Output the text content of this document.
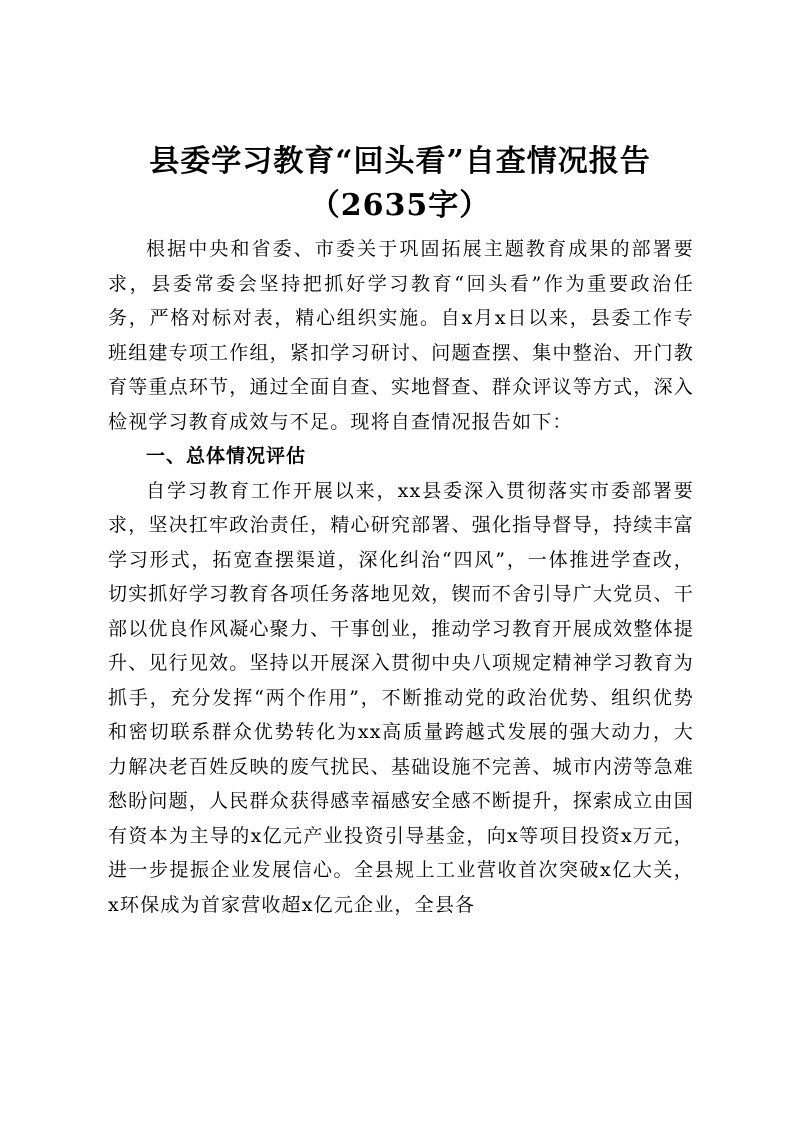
县委学习教育“回头看”自查情况报告（2635字）

根据中央和省委、市委关于巩固拓展主题教育成果的部署要求，县委常委会坚持把抓好学习教育“回头看”作为重要政治任务，严格对标对表，精心组织实施。自x月x日以来，县委工作专班组建专项工作组，紧扣学习研讨、问题查摆、集中整治、开门教育等重点环节，通过全面自查、实地督查、群众评议等方式，深入检视学习教育成效与不足。现将自查情况报告如下：

一、总体情况评估

自学习教育工作开展以来，xx县委深入贯彻落实市委部署要求，坚决扛牢政治责任，精心研究部署、强化指导督导，持续丰富学习形式，拓宽查摆渠道，深化纠治“四风”，一体推进学查改，切实抓好学习教育各项任务落地见效，锲而不舍引导广大党员、干部以优良作风凝心聚力、干事创业，推动学习教育开展成效整体提升、见行见效。坚持以开展深入贯彻中央八项规定精神学习教育为抓手，充分发挥“两个作用”，不断推动党的政治优势、组织优势和密切联系群众优势转化为xx高质量跨越式发展的强大动力，大力解决老百姓反映的废气扰民、基础设施不完善、城市内涝等急难愁盼问题，人民群众获得感幸福感安全感不断提升，探索成立由国有资本为主导的x亿元产业投资引导基金，向x等项目投资x万元，进一步提振企业发展信心。全县规上工业营收首次突破x亿大关，x环保成为首家营收超x亿元企业，全县各
